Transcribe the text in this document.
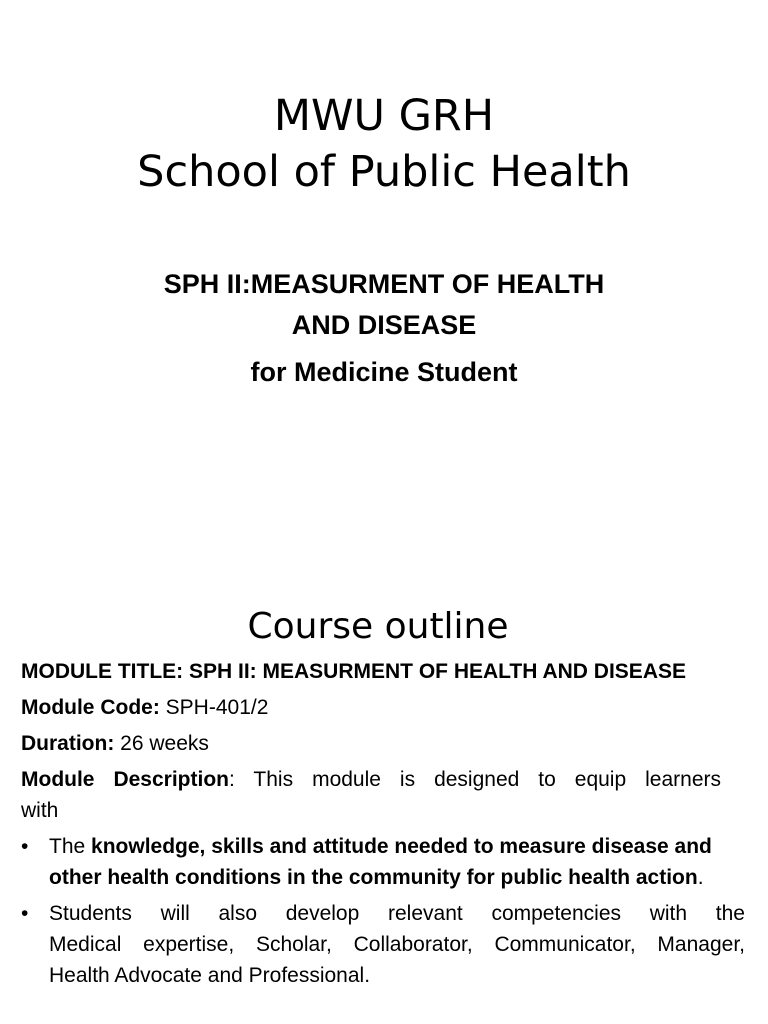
MWU GRH
School of Public Health
SPH II:MEASURMENT OF HEALTH
AND DISEASE
for Medicine Student
Course outline

MODULE TITLE: SPH II: MEASURMENT OF HEALTH AND DISEASE

Module Code: SPH-401/2

Duration: 26 weeks

Module Description: This module is designed to equip learners

with

• The knowledge, skills and attitude needed to measure disease and other health conditions in the community for public health action.
• Students will also develop relevant competencies with the
Medical expertise, Scholar, Collaborator, Communicator, Manager,
Health Advocate and Professional.
